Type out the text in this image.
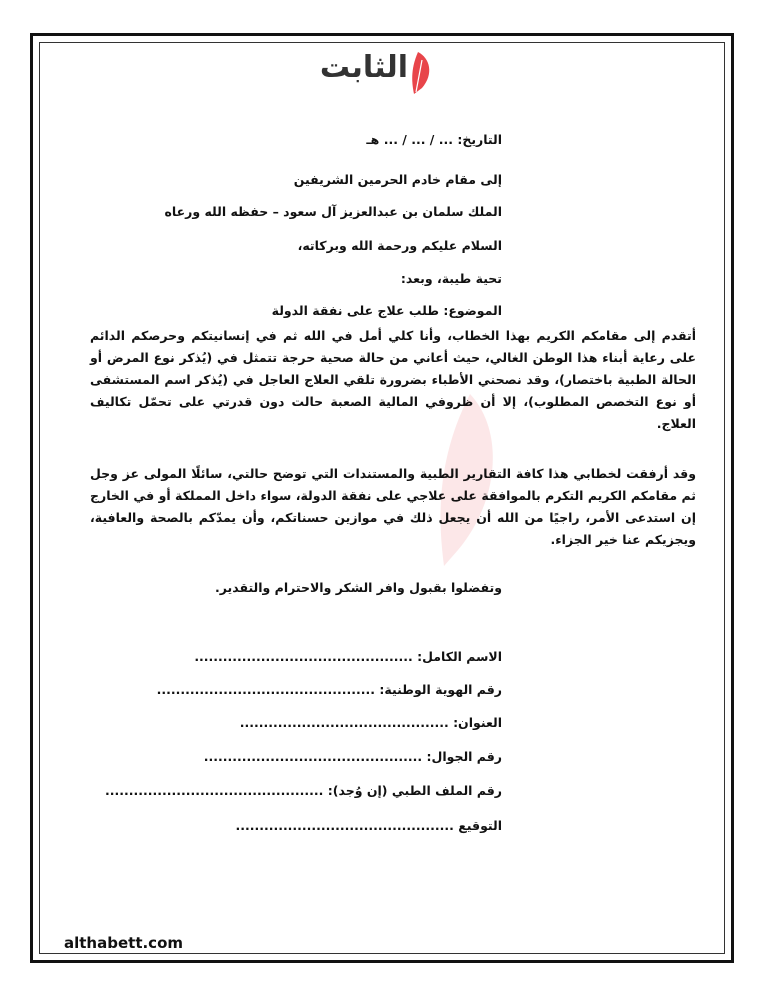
الثابت
التاريخ: ... / ... / ... هـ
إلى مقام خادم الحرمين الشريفين
الملك سلمان بن عبدالعزيز آل سعود – حفظه الله ورعاه
السلام عليكم ورحمة الله وبركاته،
تحية طيبة، وبعد:
الموضوع: طلب علاج على نفقة الدولة
أتقدم إلى مقامكم الكريم بهذا الخطاب، وأنا كلي أمل في الله ثم في إنسانيتكم وحرصكم الدائم على رعاية أبناء هذا الوطن الغالي، حيث أعاني من حالة صحية حرجة تتمثل في (يُذكر نوع المرض أو الحالة الطبية باختصار)، وقد نصحني الأطباء بضرورة تلقي العلاج العاجل في (يُذكر اسم المستشفى أو نوع التخصص المطلوب)، إلا أن ظروفي المالية الصعبة حالت دون قدرتي على تحمّل تكاليف العلاج.
وقد أرفقت لخطابي هذا كافة التقارير الطبية والمستندات التي توضح حالتي، سائلًا المولى عز وجل ثم مقامكم الكريم التكرم بالموافقة على علاجي على نفقة الدولة، سواء داخل المملكة أو في الخارج إن استدعى الأمر، راجيًا من الله أن يجعل ذلك في موازين حسناتكم، وأن يمدّكم بالصحة والعافية، ويجزيكم عنا خير الجزاء.
وتفضلوا بقبول وافر الشكر والاحترام والتقدير.
الاسم الكامل: ..............................................
رقم الهوية الوطنية: ..............................................
العنوان: ............................................
رقم الجوال: ..............................................
رقم الملف الطبي (إن وُجد): ..............................................
التوقيع ..............................................
althabett.com
